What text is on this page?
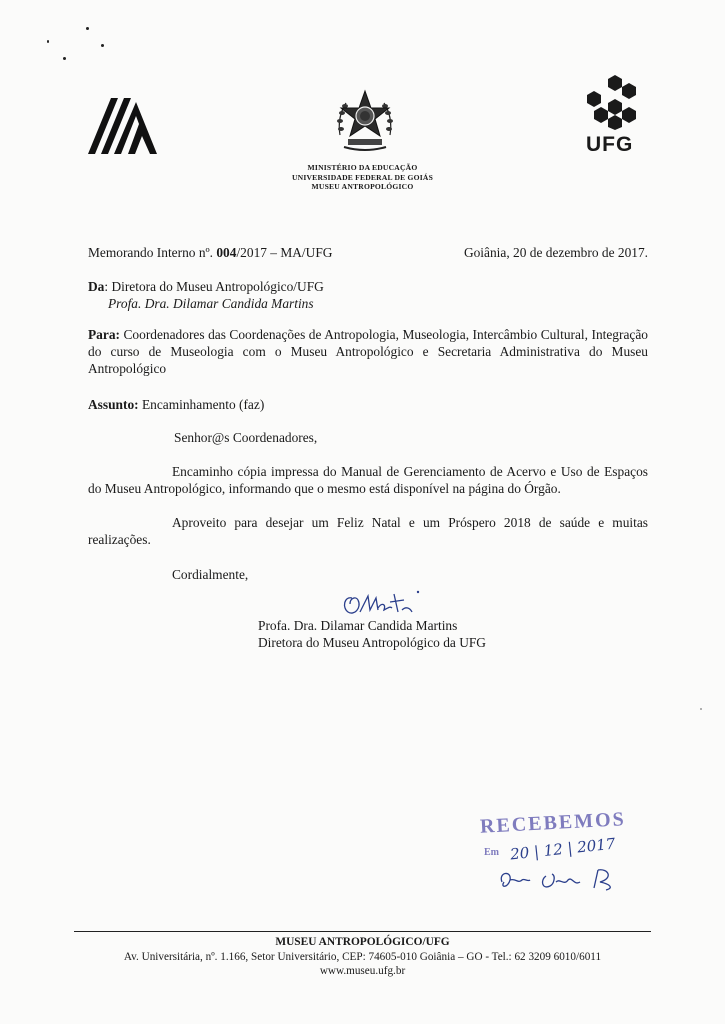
UFG
MINISTÉRIO DA EDUCAÇÃO
UNIVERSIDADE FEDERAL DE GOIÁS
MUSEU ANTROPOLÓGICO
Memorando Interno nº. 004/2017 – MA/UFG	Goiânia, 20 de dezembro de 2017.
Da: Diretora do Museu Antropológico/UFG
Profa. Dra. Dilamar Candida Martins
Para: Coordenadores das Coordenações de Antropologia, Museologia, Intercâmbio Cultural, Integração do curso de Museologia com o Museu Antropológico e Secretaria Administrativa do Museu Antropológico
Assunto: Encaminhamento (faz)
Senhor@s Coordenadores,
Encaminho cópia impressa do Manual de Gerenciamento de Acervo e Uso de Espaços do Museu Antropológico, informando que o mesmo está disponível na página do Órgão.
Aproveito para desejar um Feliz Natal e um Próspero 2018 de saúde e muitas realizações.
Cordialmente,
Profa. Dra. Dilamar Candida Martins
Diretora do Museu Antropológico da UFG
RECEBEMOS
Em 20 | 12 | 2017
MUSEU ANTROPOLÓGICO/UFG
Av. Universitária, nº. 1.166, Setor Universitário, CEP: 74605-010 Goiânia – GO - Tel.: 62 3209 6010/6011
www.museu.ufg.br
